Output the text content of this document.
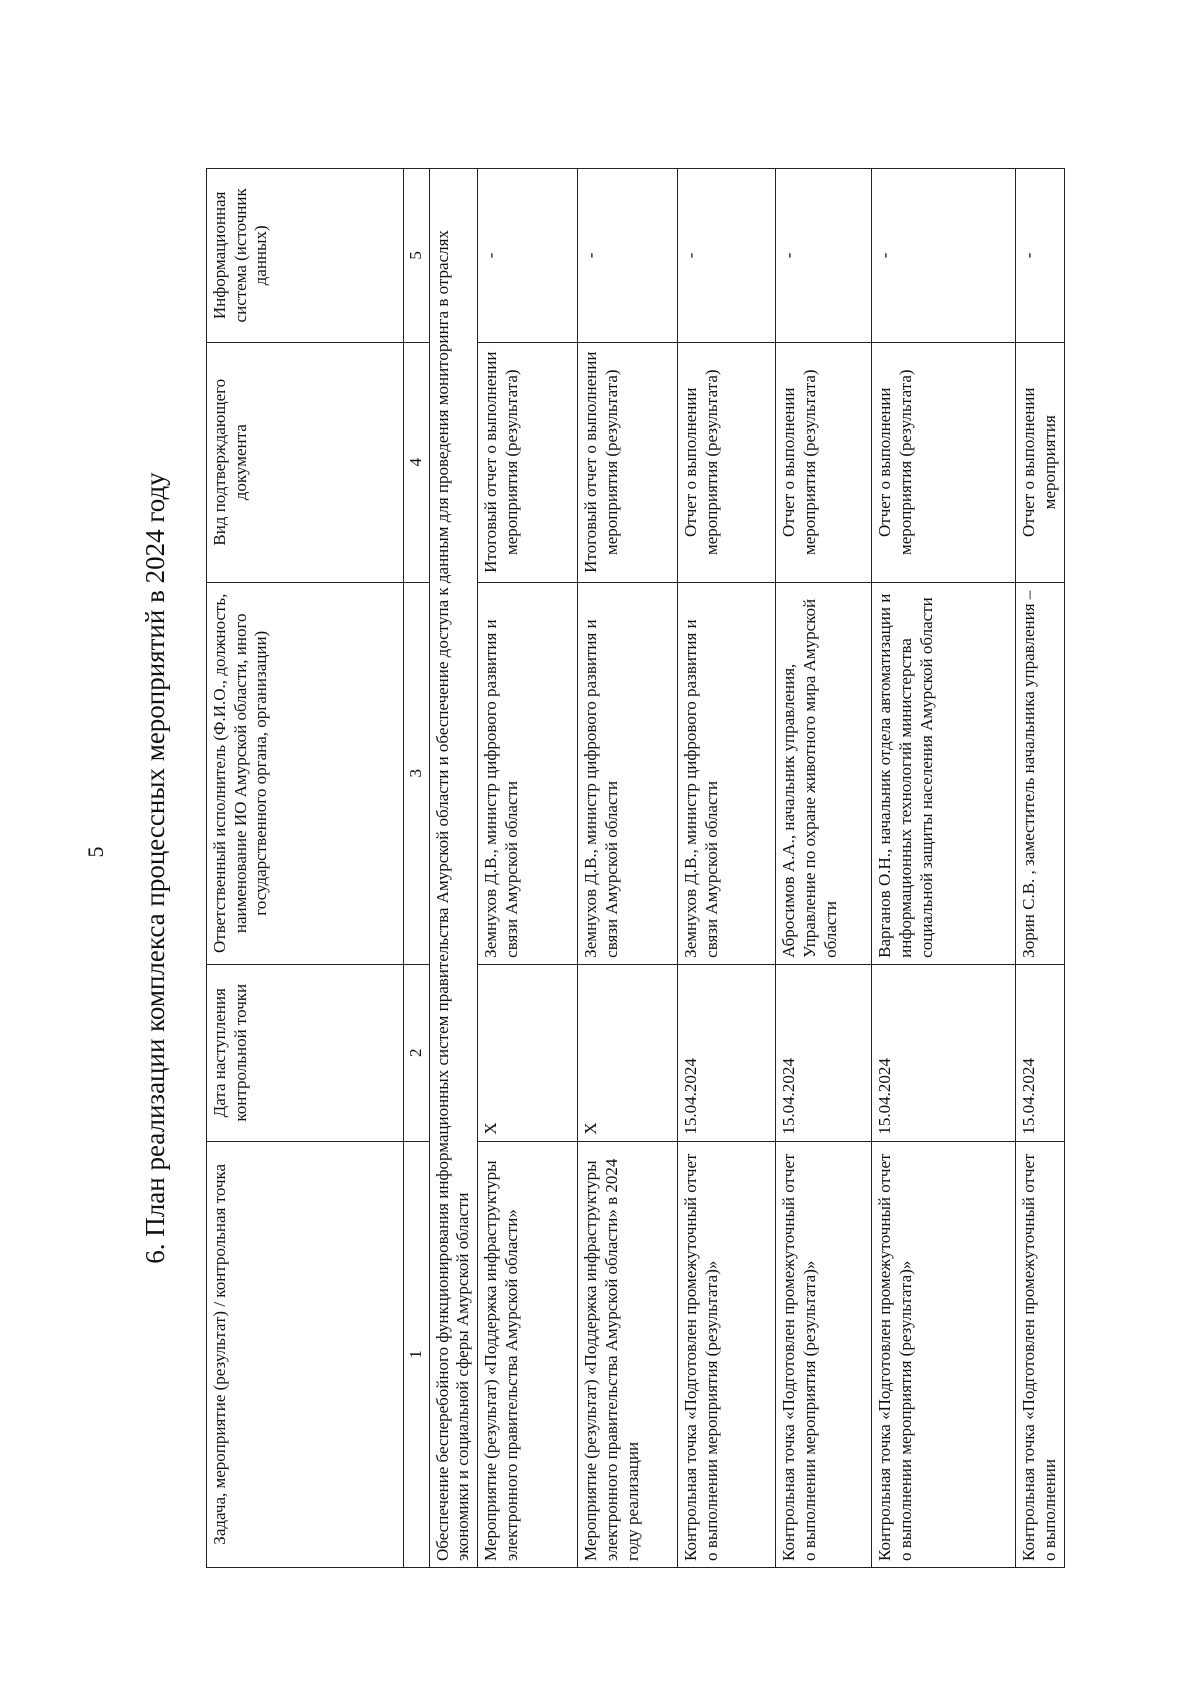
5	6. План реализации комплекса процессных мероприятий в 2024 году
Задача, мероприятие (результат) / контрольная точка	Дата наступления контрольной точки	Ответственный исполнитель (Ф.И.О., должность, наименование ИО Амурской области, иного государственного органа, организации)	Вид подтверждающего документа	Информационная система (источник данных)
1	2	3	4	5
Обеспечение бесперебойного функционирования информационных систем правительства Амурской области и обеспечение доступа к данным для проведения мониторинга в отраслях экономики и социальной сферы Амурской области				
Мероприятие (результат) «Поддержка инфраструктуры электронного правительства Амурской области»	X	Земнухов Д.В., министр цифрового развития и связи Амурской области	Итоговый отчет о выполнении мероприятия (результата)	-
Мероприятие (результат) «Поддержка инфраструктуры электронного правительства Амурской области» в 2024 году реализации	X	Земнухов Д.В., министр цифрового развития и связи Амурской области	Итоговый отчет о выполнении мероприятия (результата)	-
Контрольная точка «Подготовлен промежуточный отчет о выполнении мероприятия (результата)»	15.04.2024	Земнухов Д.В., министр цифрового развития и связи Амурской области	Отчет о выполнении мероприятия (результата)	-
Контрольная точка «Подготовлен промежуточный отчет о выполнении мероприятия (результата)»	15.04.2024	Абросимов А.А., начальник управления, Управление по охране животного мира Амурской области	Отчет о выполнении мероприятия (результата)	-
Контрольная точка «Подготовлен промежуточный отчет о выполнении мероприятия (результата)»	15.04.2024	Варганов О.Н., начальник отдела автоматизации и информационных технологий министерства социальной защиты населения Амурской области	Отчет о выполнении мероприятия (результата)	-
Контрольная точка «Подготовлен промежуточный отчет о выполнении	15.04.2024	Зорин С.В. , заместитель начальника управления –	Отчет о выполнении мероприятия	-
